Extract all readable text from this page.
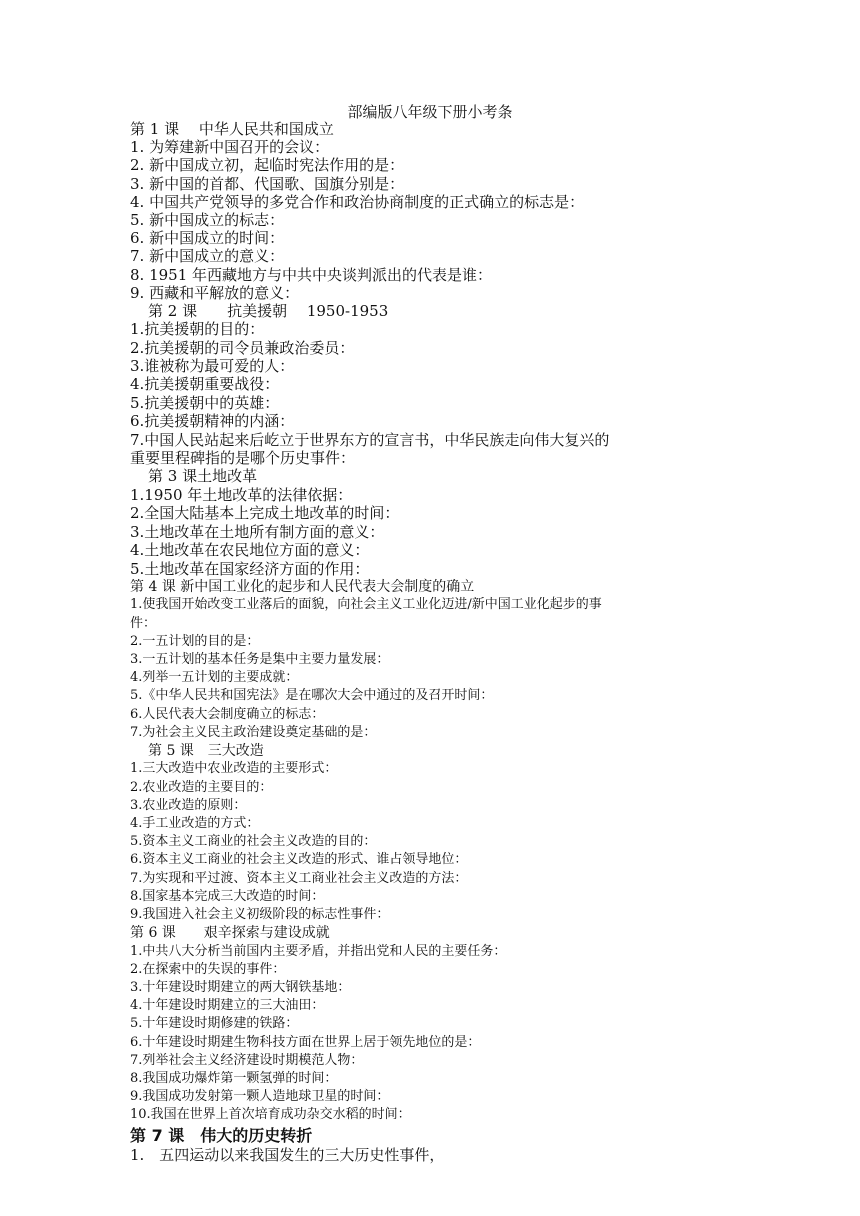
部编版八年级下册小考条
第 1 课　 中华人民共和国成立
1. 为筹建新中国召开的会议：
2. 新中国成立初，起临时宪法作用的是：
3. 新中国的首都、代国歌、国旗分别是：
4. 中国共产党领导的多党合作和政治协商制度的正式确立的标志是：
5. 新中国成立的标志：
6. 新中国成立的时间：
7. 新中国成立的意义：
8. 1951 年西藏地方与中共中央谈判派出的代表是谁：
9. 西藏和平解放的意义：
第 2 课　　抗美援朝　 1950-1953
1.抗美援朝的目的：
2.抗美援朝的司令员兼政治委员：
3.谁被称为最可爱的人：
4.抗美援朝重要战役：
5.抗美援朝中的英雄：
6.抗美援朝精神的内涵：
7.中国人民站起来后屹立于世界东方的宣言书，中华民族走向伟大复兴的
重要里程碑指的是哪个历史事件：
第 3 课土地改革
1.1950 年土地改革的法律依据：
2.全国大陆基本上完成土地改革的时间：
3.土地改革在土地所有制方面的意义：
4.土地改革在农民地位方面的意义：
5.土地改革在国家经济方面的作用：
第 4 课 新中国工业化的起步和人民代表大会制度的确立
1.使我国开始改变工业落后的面貌，向社会主义工业化迈进/新中国工业化起步的事
件：
2.一五计划的目的是：
3.一五计划的基本任务是集中主要力量发展：
4.列举一五计划的主要成就：
5.《中华人民共和国宪法》是在哪次大会中通过的及召开时间：
6.人民代表大会制度确立的标志：
7.为社会主义民主政治建设奠定基础的是：
第 5 课　三大改造
1.三大改造中农业改造的主要形式：
2.农业改造的主要目的：
3.农业改造的原则：
4.手工业改造的方式：
5.资本主义工商业的社会主义改造的目的：
6.资本主义工商业的社会主义改造的形式、谁占领导地位：
7.为实现和平过渡、资本主义工商业社会主义改造的方法：
8.国家基本完成三大改造的时间：
9.我国进入社会主义初级阶段的标志性事件：
第 6 课　　艰辛探索与建设成就
1.中共八大分析当前国内主要矛盾，并指出党和人民的主要任务：
2.在探索中的失误的事件：
3.十年建设时期建立的两大钢铁基地：
4.十年建设时期建立的三大油田：
5.十年建设时期修建的铁路：
6.十年建设时期建生物科技方面在世界上居于领先地位的是：
7.列举社会主义经济建设时期模范人物：
8.我国成功爆炸第一颗氢弹的时间：
9.我国成功发射第一颗人造地球卫星的时间：
10.我国在世界上首次培育成功杂交水稻的时间：
第 7 课　伟大的历史转折
1.　五四运动以来我国发生的三大历史性事件，
